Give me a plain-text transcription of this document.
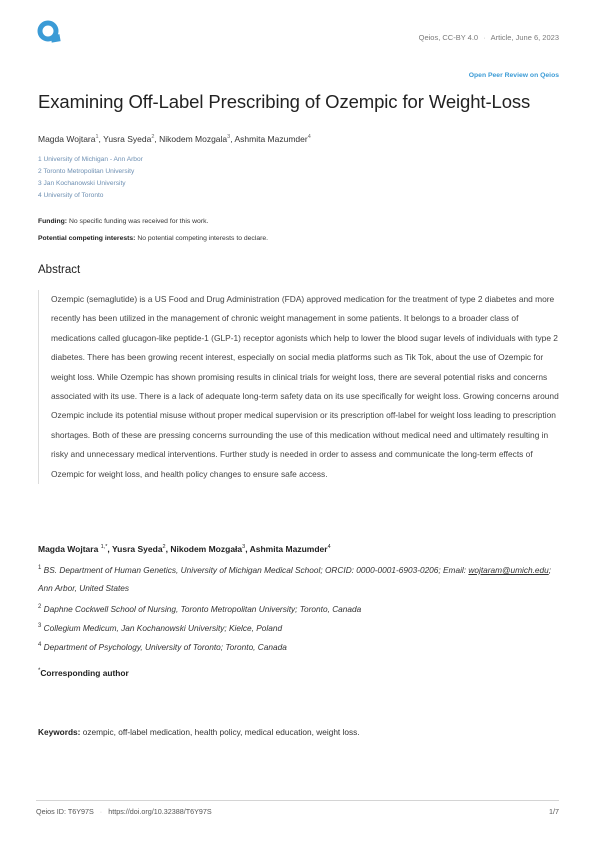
Qeios, CC-BY 4.0 · Article, June 6, 2023
Open Peer Review on Qeios
Examining Off-Label Prescribing of Ozempic for Weight-Loss
Magda Wojtara$^1$, Yusra Syeda$^2$, Nikodem Mozgala$^3$, Ashmita Mazumder$^4$
1 University of Michigan - Ann Arbor
2 Toronto Metropolitan University
3 Jan Kochanowski University
4 University of Toronto
Funding: No specific funding was received for this work.
Potential competing interests: No potential competing interests to declare.
Abstract

Ozempic (semaglutide) is a US Food and Drug Administration (FDA) approved medication for the treatment of type 2 diabetes and more recently has been utilized in the management of chronic weight management in some patients. It belongs to a broader class of medications called glucagon-like peptide-1 (GLP-1) receptor agonists which help to lower the blood sugar levels of individuals with type 2 diabetes. There has been growing recent interest, especially on social media platforms such as Tik Tok, about the use of Ozempic for weight loss. While Ozempic has shown promising results in clinical trials for weight loss, there are several potential risks and concerns associated with its use. There is a lack of adequate long-term safety data on its use specifically for weight loss. Growing concerns around Ozempic include its potential misuse without proper medical supervision or its prescription off-label for weight loss leading to prescription shortages. Both of these are pressing concerns surrounding the use of this medication without medical need and ultimately resulting in risky and unnecessary medical interventions. Further study is needed in order to assess and communicate the long-term effects of Ozempic for weight loss, and health policy changes to ensure safe access.

Magda Wojtara $^{1,*}$, Yusra Syeda$^2$, Nikodem Mozgała$^3$, Ashmita Mazumder$^4$
$^1$ BS. Department of Human Genetics, University of Michigan Medical School; ORCID: 0000-0001-6903-0206; Email: wojtaram@umich.edu; Ann Arbor, United States
$^2$ Daphne Cockwell School of Nursing, Toronto Metropolitan University; Toronto, Canada
$^3$ Collegium Medicum, Jan Kochanowski University; Kielce, Poland
$^4$ Department of Psychology, University of Toronto; Toronto, Canada
*Corresponding author
Keywords: ozempic, off-label medication, health policy, medical education, weight loss.
Qeios ID: T6Y97S · https://doi.org/10.32388/T6Y97S	1/7
